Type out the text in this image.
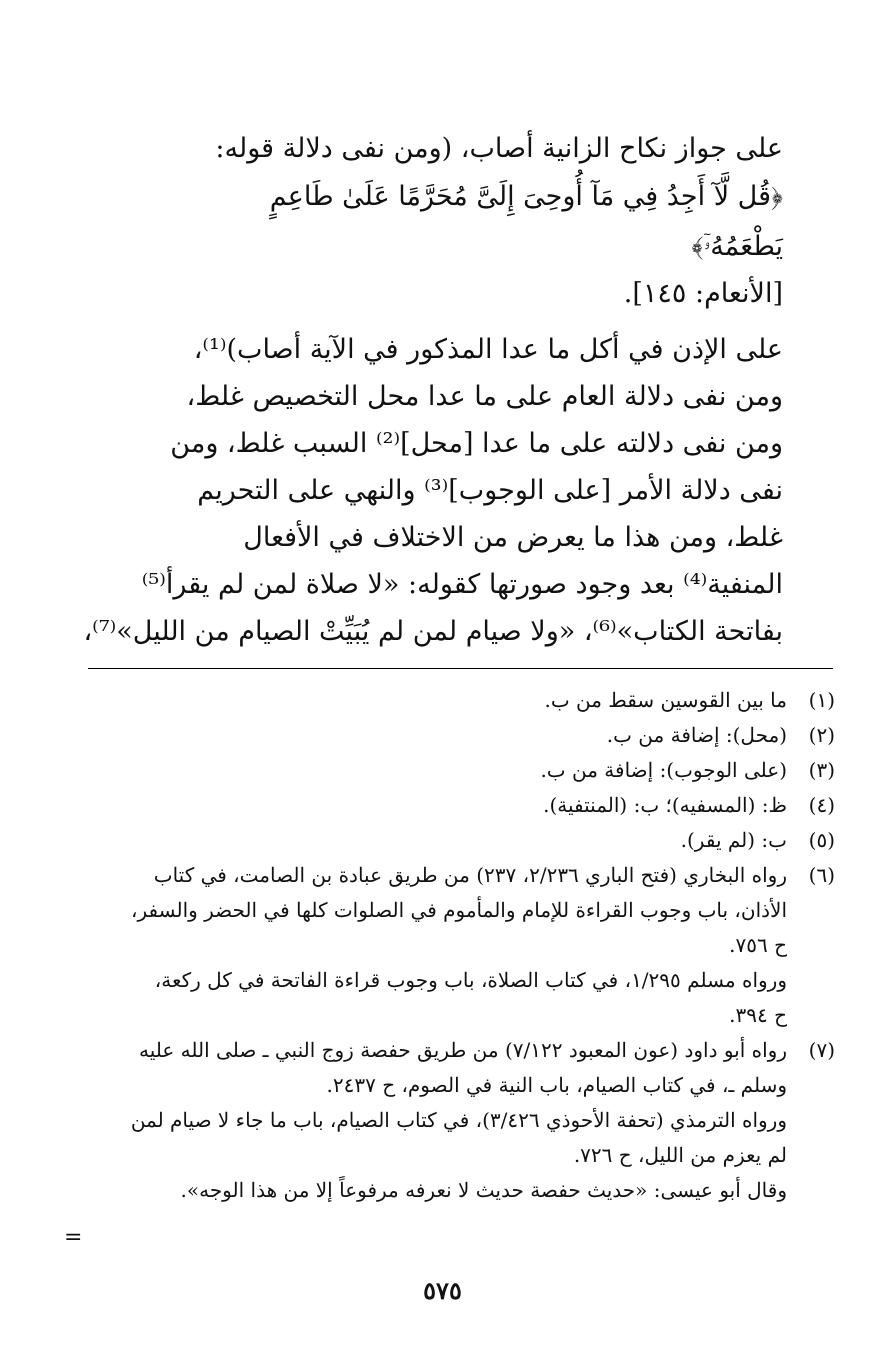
على جواز نكاح الزانية أصاب، (ومن نفى دلالة قوله:
﴿قُل لَّآ أَجِدُ فِي مَآ أُوحِىَ إِلَىَّ مُحَرَّمًا عَلَىٰ طَاعِمٍ يَطْعَمُهُۥٓ﴾
[الأنعام: ١٤٥].
على الإذن في أكل ما عدا المذكور في الآية أصاب)⁽¹⁾،
ومن نفى دلالة العام على ما عدا محل التخصيص غلط،
ومن نفى دلالته على ما عدا [محل]⁽²⁾ السبب غلط، ومن
نفى دلالة الأمر [على الوجوب]⁽³⁾ والنهي على التحريم
غلط، ومن هذا ما يعرض من الاختلاف في الأفعال
المنفية⁽⁴⁾ بعد وجود صورتها كقوله: «لا صلاة لمن لم يقرأ⁽⁵⁾
بفاتحة الكتاب»⁽⁶⁾، «ولا صيام لمن لم يُبَيِّتْ الصيام من الليل»⁽⁷⁾،
(١)
ما بين القوسين سقط من ب.
(٢)
(محل): إضافة من ب.
(٣)
(على الوجوب): إضافة من ب.
(٤)
ظ: (المسفيه)؛ ب: (المنتفية).
(٥)
ب: (لم يقر).
(٦)
رواه البخاري (فتح الباري ٢/٢٣٦، ٢٣٧) من طريق عبادة بن الصامت، في كتاب
الأذان، باب وجوب القراءة للإمام والمأموم في الصلوات كلها في الحضر والسفر،
ح ٧٥٦.
ورواه مسلم ١/٢٩٥، في كتاب الصلاة، باب وجوب قراءة الفاتحة في كل ركعة،
ح ٣٩٤.
(٧)
رواه أبو داود (عون المعبود ٧/١٢٢) من طريق حفصة زوج النبي ـ صلى الله عليه
وسلم ـ، في كتاب الصيام، باب النية في الصوم، ح ٢٤٣٧.
ورواه الترمذي (تحفة الأحوذي ٣/٤٢٦)، في كتاب الصيام، باب ما جاء لا صيام لمن
لم يعزم من الليل، ح ٧٢٦.
وقال أبو عيسى: «حديث حفصة حديث لا نعرفه مرفوعاً إلا من هذا الوجه».
=
٥٧٥
